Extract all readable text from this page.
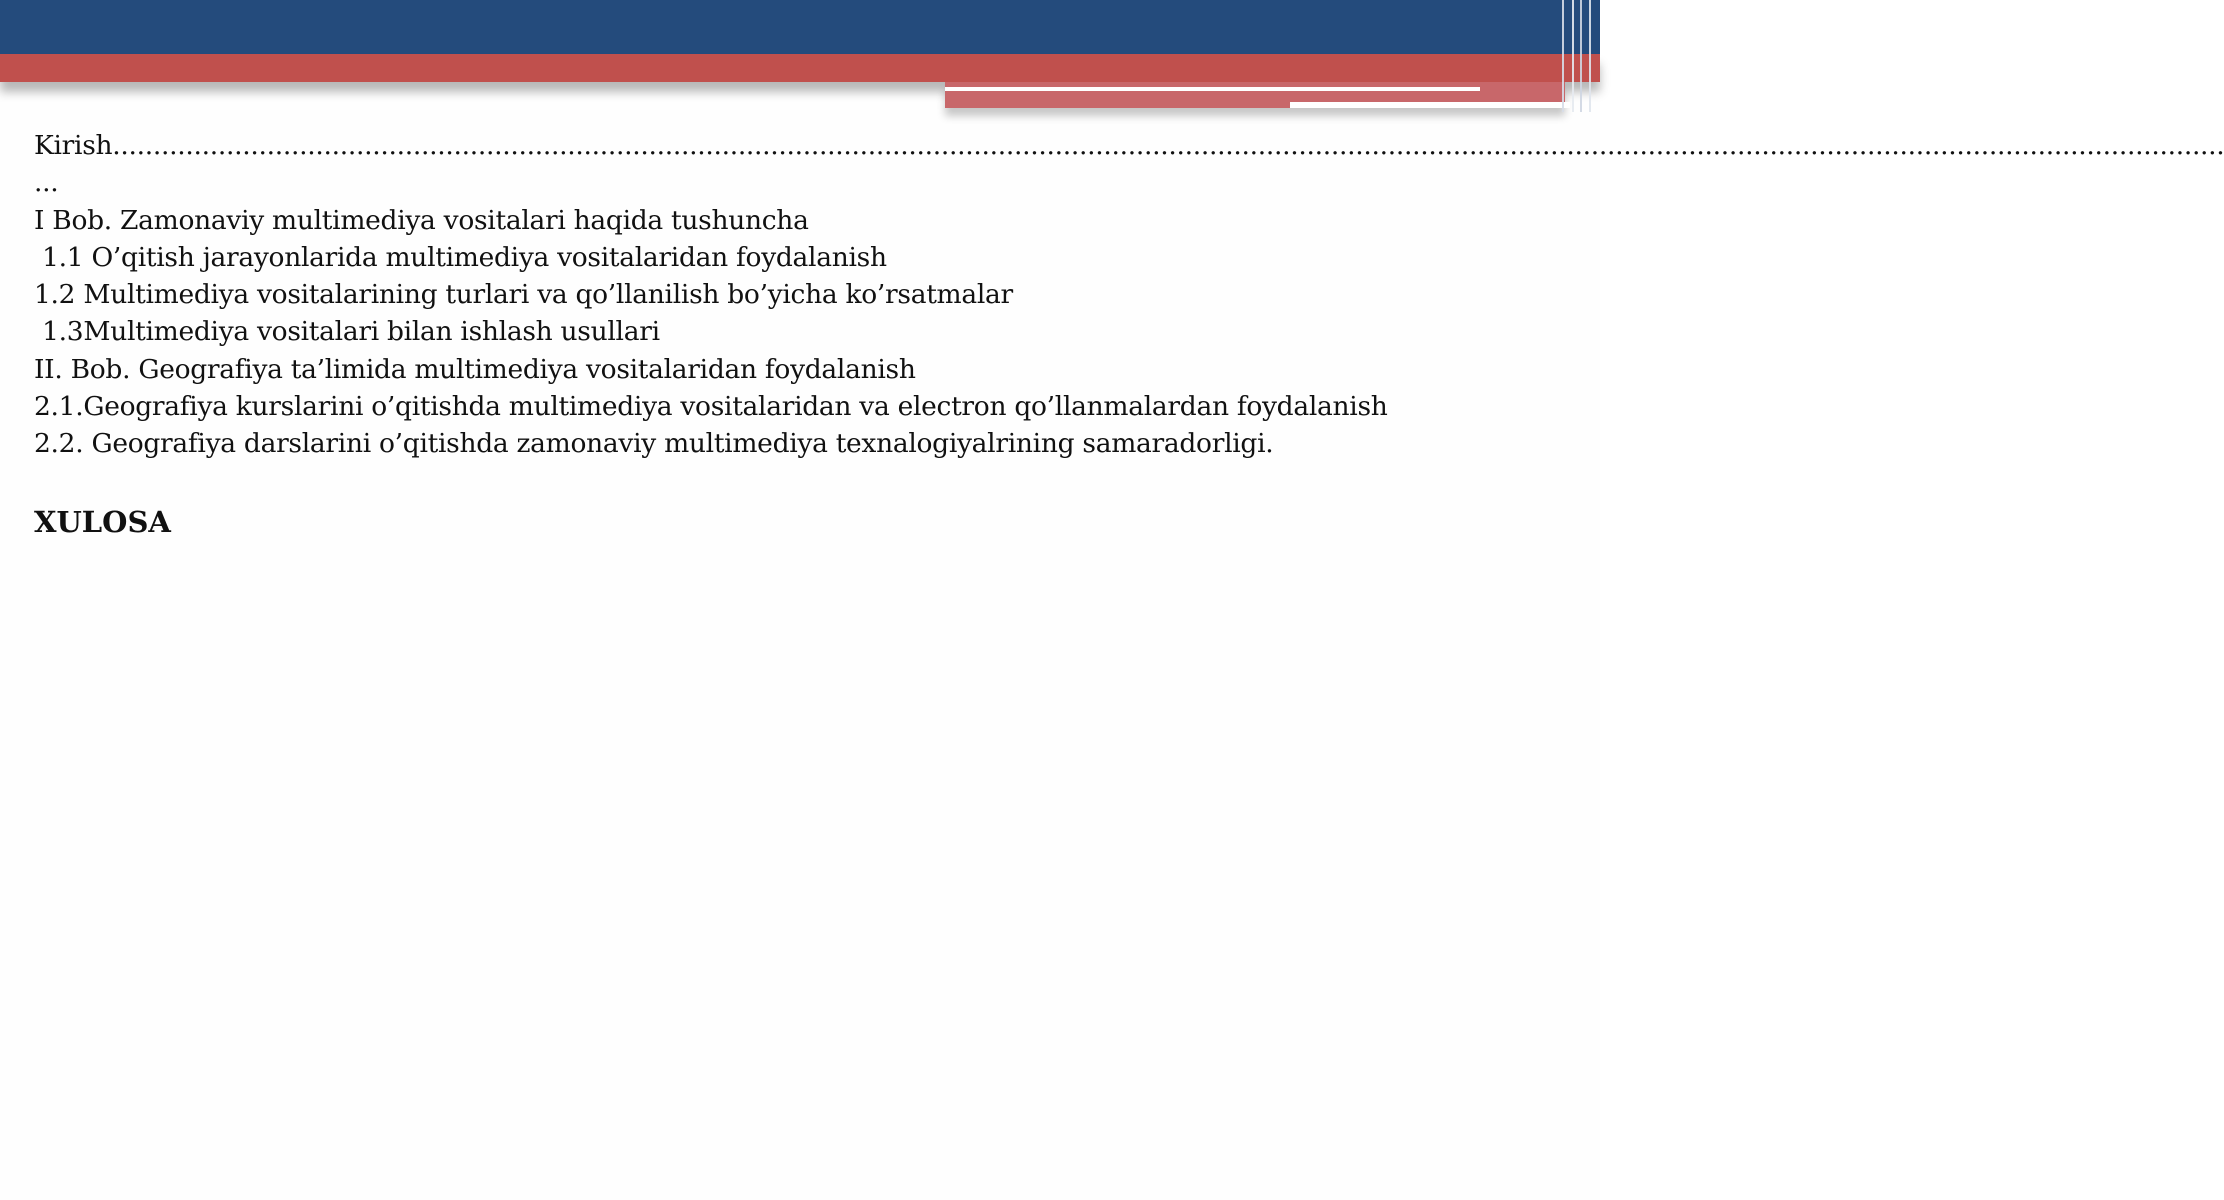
Kirish....................................................................................................................................................................................................................................................................
...
I Bob. Zamonaviy multimediya vositalari haqida tushuncha
1.1 O’qitish jarayonlarida multimediya vositalaridan foydalanish
1.2 Multimediya vositalarining turlari va qo’llanilish bo’yicha ko’rsatmalar
1.3Multimediya vositalari bilan ishlash usullari
II. Bob. Geografiya ta’limida multimediya vositalaridan foydalanish
2.1.Geografiya kurslarini o’qitishda multimediya vositalaridan va electron qo’llanmalardan foydalanish
2.2. Geografiya darslarini o’qitishda zamonaviy multimediya texnalogiyalrining samaradorligi.
XULOSA
